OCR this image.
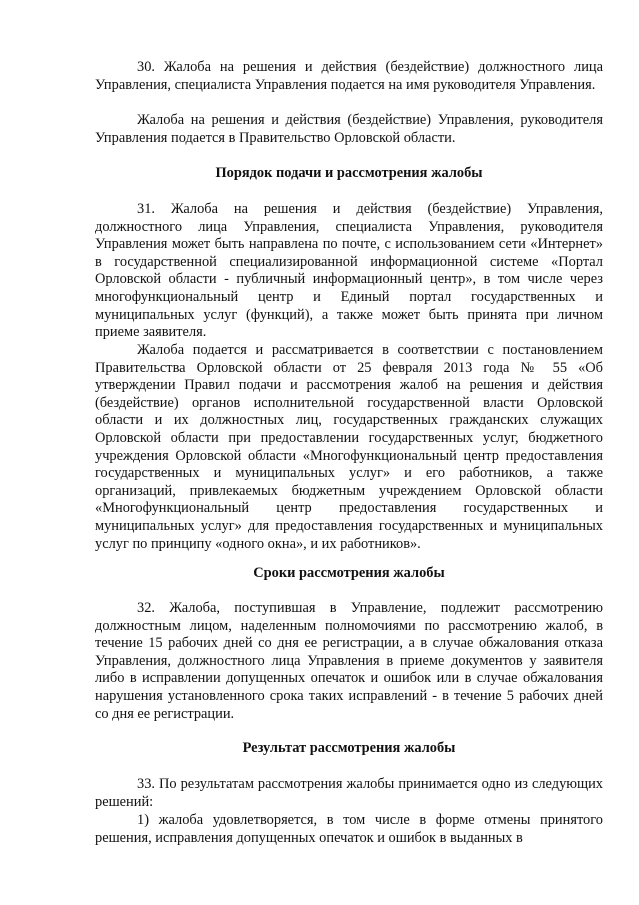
30. Жалоба на решения и действия (бездействие) должностного лица Управления, специалиста Управления подается на имя руководителя Управления.

Жалоба на решения и действия (бездействие) Управления, руководителя Управления подается в Правительство Орловской области.

Порядок подачи и рассмотрения жалобы

31. Жалоба на решения и действия (бездействие) Управления, должностного лица Управления, специалиста Управления, руководителя Управления может быть направлена по почте, с использованием сети «Интернет» в государственной специализированной информационной системе «Портал Орловской области - публичный информационный центр», в том числе через многофункциональный центр и Единый портал государственных и муниципальных услуг (функций), а также может быть принята при личном приеме заявителя.

Жалоба подается и рассматривается в соответствии с постановлением Правительства Орловской области от 25 февраля 2013 года № 55 «Об утверждении Правил подачи и рассмотрения жалоб на решения и действия (бездействие) органов исполнительной государственной власти Орловской области и их должностных лиц, государственных гражданских служащих Орловской области при предоставлении государственных услуг, бюджетного учреждения Орловской области «Многофункциональный центр предоставления государственных и муниципальных услуг» и его работников, а также организаций, привлекаемых бюджетным учреждением Орловской области «Многофункциональный центр предоставления государственных и муниципальных услуг» для предоставления государственных и муниципальных услуг по принципу «одного окна», и их работников».

Сроки рассмотрения жалобы

32. Жалоба, поступившая в Управление, подлежит рассмотрению должностным лицом, наделенным полномочиями по рассмотрению жалоб, в течение 15 рабочих дней со дня ее регистрации, а в случае обжалования отказа Управления, должностного лица Управления в приеме документов у заявителя либо в исправлении допущенных опечаток и ошибок или в случае обжалования нарушения установленного срока таких исправлений - в течение 5 рабочих дней со дня ее регистрации.

Результат рассмотрения жалобы

33. По результатам рассмотрения жалобы принимается одно из следующих решений:

1) жалоба удовлетворяется, в том числе в форме отмены принятого решения, исправления допущенных опечаток и ошибок в выданных в
